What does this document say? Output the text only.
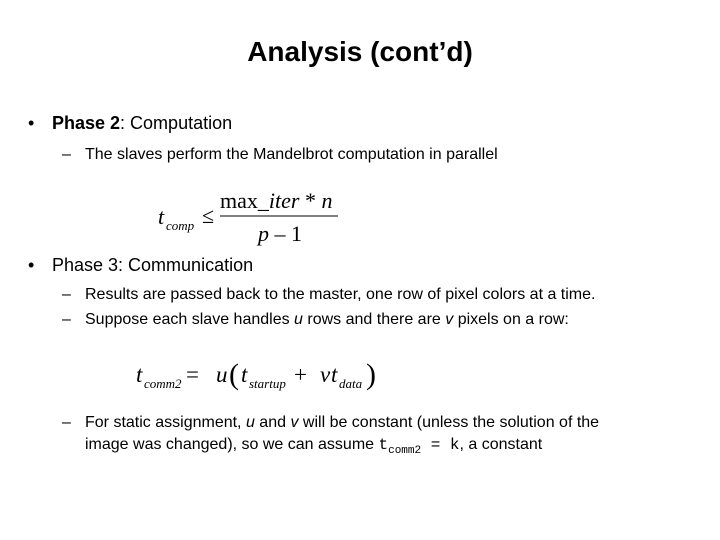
Analysis (cont’d)
• Phase 2: Computation
– The slaves perform the Mandelbrot computation in parallel
t comp ≤
max_iter * n
p – 1
• Phase 3: Communication
– Results are passed back to the master, one row of pixel colors at a time.
– Suppose each slave handles u rows and there are v pixels on a row:
t comm2 = u ( t startup + v t data )
– For static assignment, u and v will be constant (unless the solution of the
image was changed), so we can assume $t_{comm2} = k$, a constant
